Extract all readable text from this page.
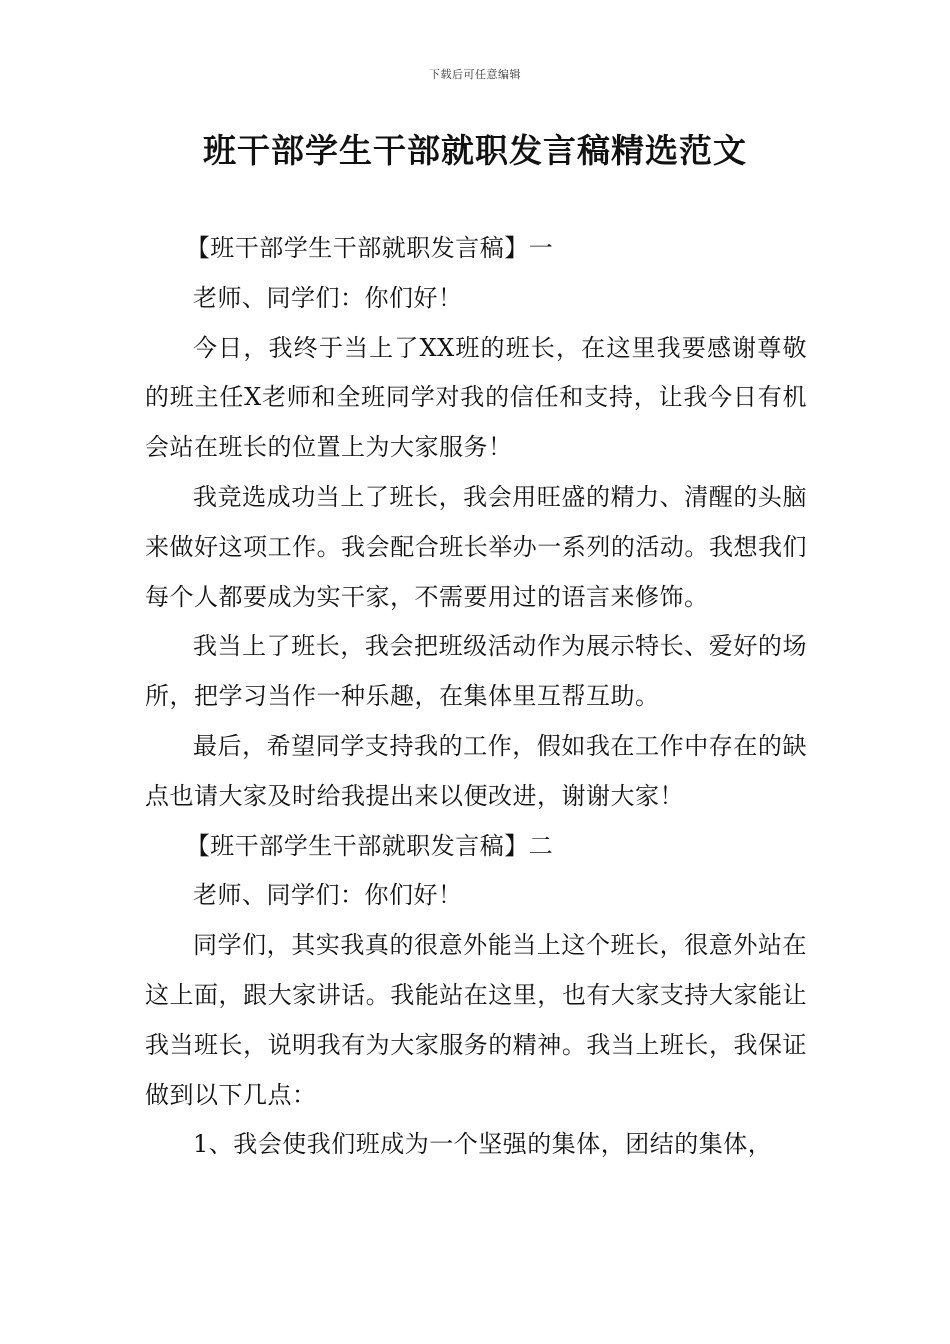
下载后可任意编辑
班干部学生干部就职发言稿精选范文

【班干部学生干部就职发言稿】一

老师、同学们：你们好！

今日，我终于当上了XX班的班长，在这里我要感谢尊敬的班主任X老师和全班同学对我的信任和支持，让我今日有机会站在班长的位置上为大家服务！

我竞选成功当上了班长，我会用旺盛的精力、清醒的头脑来做好这项工作。我会配合班长举办一系列的活动。我想我们每个人都要成为实干家，不需要用过的语言来修饰。

我当上了班长，我会把班级活动作为展示特长、爱好的场所，把学习当作一种乐趣，在集体里互帮互助。

最后，希望同学支持我的工作，假如我在工作中存在的缺点也请大家及时给我提出来以便改进，谢谢大家！

【班干部学生干部就职发言稿】二

老师、同学们：你们好！

同学们，其实我真的很意外能当上这个班长，很意外站在这上面，跟大家讲话。我能站在这里，也有大家支持大家能让我当班长，说明我有为大家服务的精神。我当上班长，我保证做到以下几点：

1、我会使我们班成为一个坚强的集体，团结的集体，
